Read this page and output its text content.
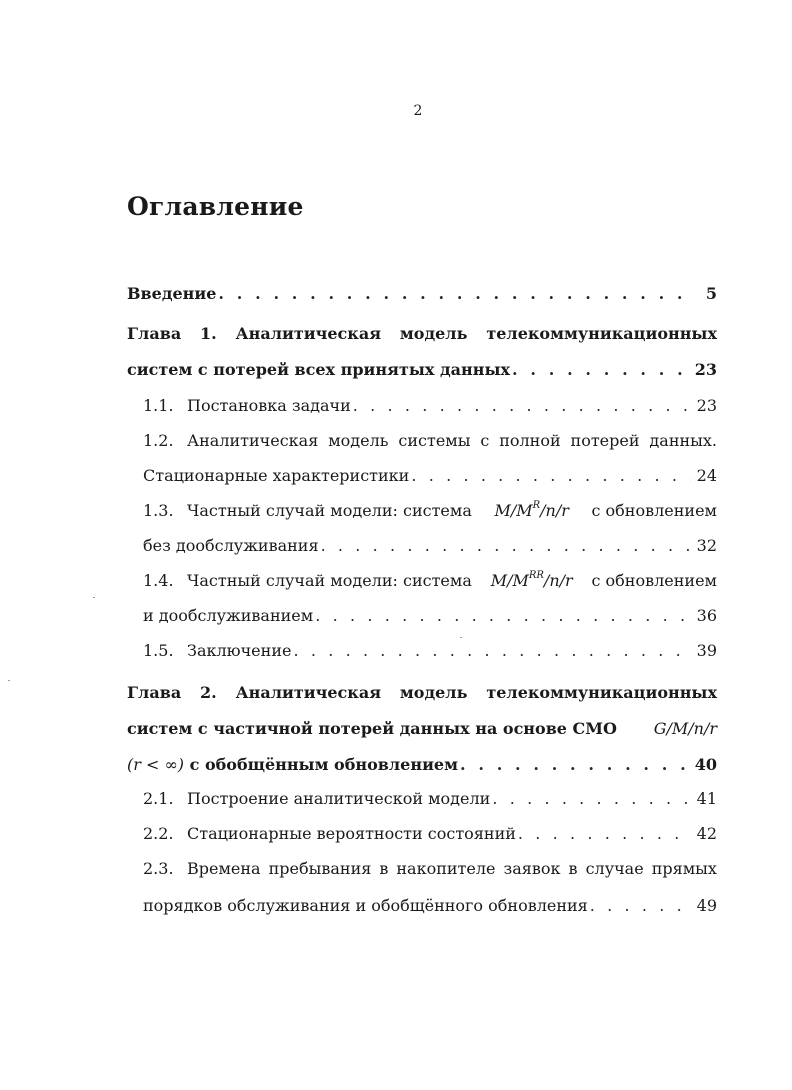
2
Оглавление
Введение . . .	5
Глава 1. Аналитическая модель телекоммуникационных
систем с потерей всех принятых данных . . .	23
1.1. Постановка задачи . . .	23
1.2. Аналитическая модель системы с полной потерей данных.
Стационарные характеристики . . .	24
1.3. Частный случай модели: система $M/M^R/n/r$ с обновлением
без дообслуживания . . .	32
1.4. Частный случай модели: система $M/M^{RR}/n/r$ с обновлением
и дообслуживанием . . .	36
1.5. Заключение . . .	39
Глава 2. Аналитическая модель телекоммуникационных
систем с частичной потерей данных на основе СМО G/M/n/r
(r < ∞) с обобщённым обновлением . . .	40
2.1. Построение аналитической модели . . .	41
2.2. Стационарные вероятности состояний . . .	42
2.3. Времена пребывания в накопителе заявок в случае прямых
порядков обслуживания и обобщённого обновления . . .	49
